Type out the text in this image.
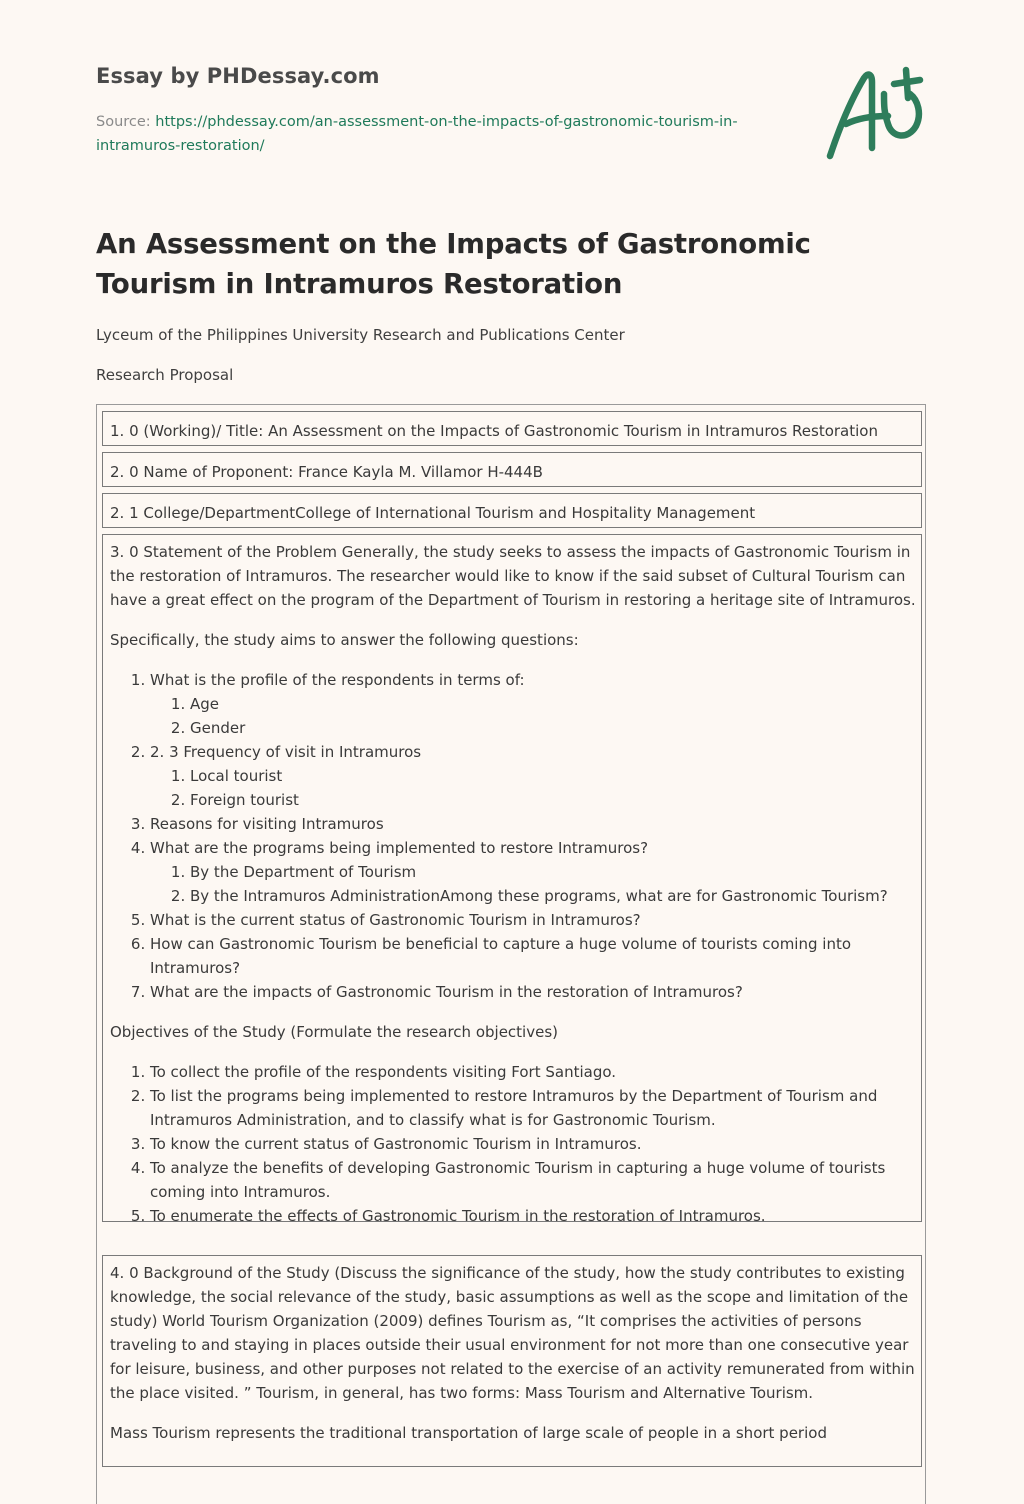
Essay by PHDessay.com
Source: https://phdessay.com/an-assessment-on-the-impacts-of-gastronomic-tourism-in-intramuros-restoration/
An Assessment on the Impacts of Gastronomic Tourism in Intramuros Restoration

Lyceum of the Philippines University Research and Publications Center

Research Proposal

1. 0 (Working)/ Title: An Assessment on the Impacts of Gastronomic Tourism in Intramuros Restoration
2. 0 Name of Proponent: France Kayla M. Villamor H-444B
2. 1 College/DepartmentCollege of International Tourism and Hospitality Management

3. 0 Statement of the Problem Generally, the study seeks to assess the impacts of Gastronomic Tourism in the restoration of Intramuros. The researcher would like to know if the said subset of Cultural Tourism can have a great effect on the program of the Department of Tourism in restoring a heritage site of Intramuros.

Specifically, the study aims to answer the following questions:

1. What is the profile of the respondents in terms of:
1. Age
2. Gender
2. 2. 3 Frequency of visit in Intramuros
1. Local tourist
2. Foreign tourist
3. Reasons for visiting Intramuros
4. What are the programs being implemented to restore Intramuros?
1. By the Department of Tourism
2. By the Intramuros AdministrationAmong these programs, what are for Gastronomic Tourism?
5. What is the current status of Gastronomic Tourism in Intramuros?
6. How can Gastronomic Tourism be beneficial to capture a huge volume of tourists coming into Intramuros?
7. What are the impacts of Gastronomic Tourism in the restoration of Intramuros?

Objectives of the Study (Formulate the research objectives)

1. To collect the profile of the respondents visiting Fort Santiago.
2. To list the programs being implemented to restore Intramuros by the Department of Tourism and Intramuros Administration, and to classify what is for Gastronomic Tourism.
3. To know the current status of Gastronomic Tourism in Intramuros.
4. To analyze the benefits of developing Gastronomic Tourism in capturing a huge volume of tourists coming into Intramuros.
5. To enumerate the effects of Gastronomic Tourism in the restoration of Intramuros.

4. 0 Background of the Study (Discuss the significance of the study, how the study contributes to existing knowledge, the social relevance of the study, basic assumptions as well as the scope and limitation of the study) World Tourism Organization (2009) defines Tourism as, “It comprises the activities of persons traveling to and staying in places outside their usual environment for not more than one consecutive year for leisure, business, and other purposes not related to the exercise of an activity remunerated from within the place visited. ” Tourism, in general, has two forms: Mass Tourism and Alternative Tourism.

Mass Tourism represents the traditional transportation of large scale of people in a short period
